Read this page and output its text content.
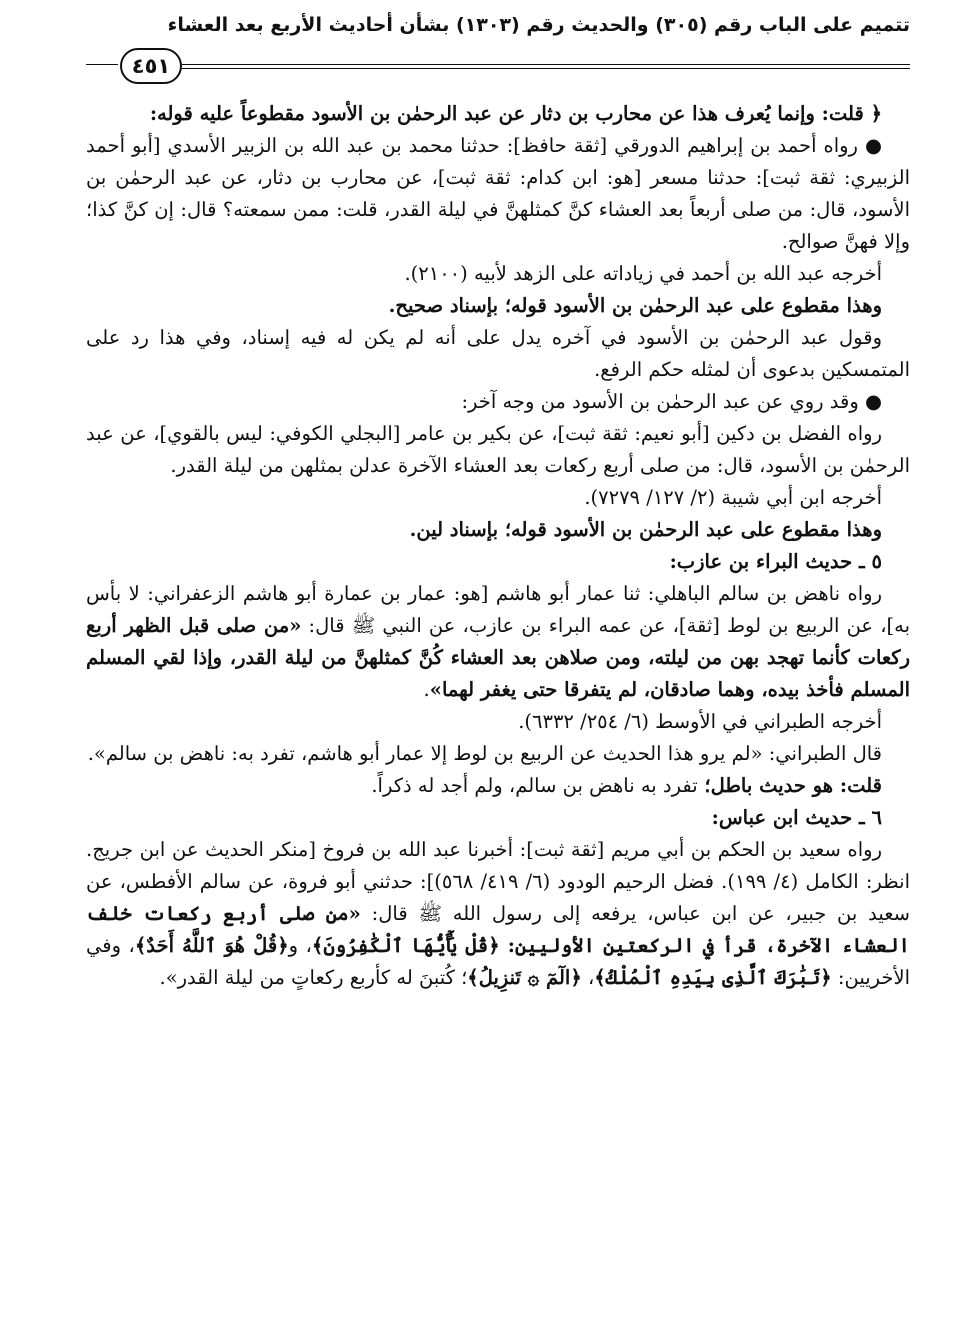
تتميم على الباب رقم (٣٠٥) والحديث رقم (١٣٠٣) بشأن أحاديث الأربع بعد العشاء
٤٥١

﴿ قلت: وإنما يُعرف هذا عن محارب بن دثار عن عبد الرحمٰن بن الأسود مقطوعاً عليه قوله:

● رواه أحمد بن إبراهيم الدورقي [ثقة حافظ]: حدثنا محمد بن عبد الله بن الزبير الأسدي [أبو أحمد الزبيري: ثقة ثبت]: حدثنا مسعر [هو: ابن كدام: ثقة ثبت]، عن محارب بن دثار، عن عبد الرحمٰن بن الأسود، قال: من صلى أربعاً بعد العشاء كنَّ كمثلهنَّ في ليلة القدر، قلت: ممن سمعته؟ قال: إن كنَّ كذا؛ وإلا فهنَّ صوالح.

أخرجه عبد الله بن أحمد في زياداته على الزهد لأبيه (٢١٠٠).

وهذا مقطوع على عبد الرحمٰن بن الأسود قوله؛ بإسناد صحيح.

وقول عبد الرحمٰن بن الأسود في آخره يدل على أنه لم يكن له فيه إسناد، وفي هذا رد على المتمسكين بدعوى أن لمثله حكم الرفع.

● وقد روي عن عبد الرحمٰن بن الأسود من وجه آخر:

رواه الفضل بن دكين [أبو نعيم: ثقة ثبت]، عن بكير بن عامر [البجلي الكوفي: ليس بالقوي]، عن عبد الرحمٰن بن الأسود، قال: من صلى أربع ركعات بعد العشاء الآخرة عدلن بمثلهن من ليلة القدر.

أخرجه ابن أبي شيبة (٢/ ١٢٧/ ٧٢٧٩).

وهذا مقطوع على عبد الرحمٰن بن الأسود قوله؛ بإسناد لين.

٥ ـ حديث البراء بن عازب:

رواه ناهض بن سالم الباهلي: ثنا عمار أبو هاشم [هو: عمار بن عمارة أبو هاشم الزعفراني: لا بأس به]، عن الربيع بن لوط [ثقة]، عن عمه البراء بن عازب، عن النبي ﷺ قال: «من صلى قبل الظهر أربع ركعات كأنما تهجد بهن من ليلته، ومن صلاهن بعد العشاء كُنَّ كمثلهنَّ من ليلة القدر، وإذا لقي المسلم المسلم فأخذ بيده، وهما صادقان، لم يتفرقا حتى يغفر لهما».

أخرجه الطبراني في الأوسط (٦/ ٢٥٤/ ٦٣٣٢).

قال الطبراني: «لم يرو هذا الحديث عن الربيع بن لوط إلا عمار أبو هاشم، تفرد به: ناهض بن سالم».

قلت: هو حديث باطل؛ تفرد به ناهض بن سالم، ولم أجد له ذكراً.

٦ ـ حديث ابن عباس:

رواه سعيد بن الحكم بن أبي مريم [ثقة ثبت]: أخبرنا عبد الله بن فروخ [منكر الحديث عن ابن جريج. انظر: الكامل (٤/ ١٩٩). فضل الرحيم الودود (٦/ ٤١٩/ ٥٦٨)]: حدثني أبو فروة، عن سالم الأفطس، عن سعيد بن جبير، عن ابن عباس، يرفعه إلى رسول الله ﷺ قال: «من صلى أربع ركعات خلف العشاء الآخرة، قرأ في الركعتين الأوليين: ﴿قُلْ يَٰٓأَيُّهَا ٱلْكَٰفِرُونَ﴾، و﴿قُلْ هُوَ ٱللَّهُ أَحَدٌ﴾، وفي الأخريين: ﴿تَبَٰرَكَ ٱلَّذِى بِيَدِهِ ٱلْمُلْكُ﴾، ﴿الٓمٓ ۞ تَنزِيلُ﴾؛ كُتبنَ له كأربع ركعاتٍ من ليلة القدر».
